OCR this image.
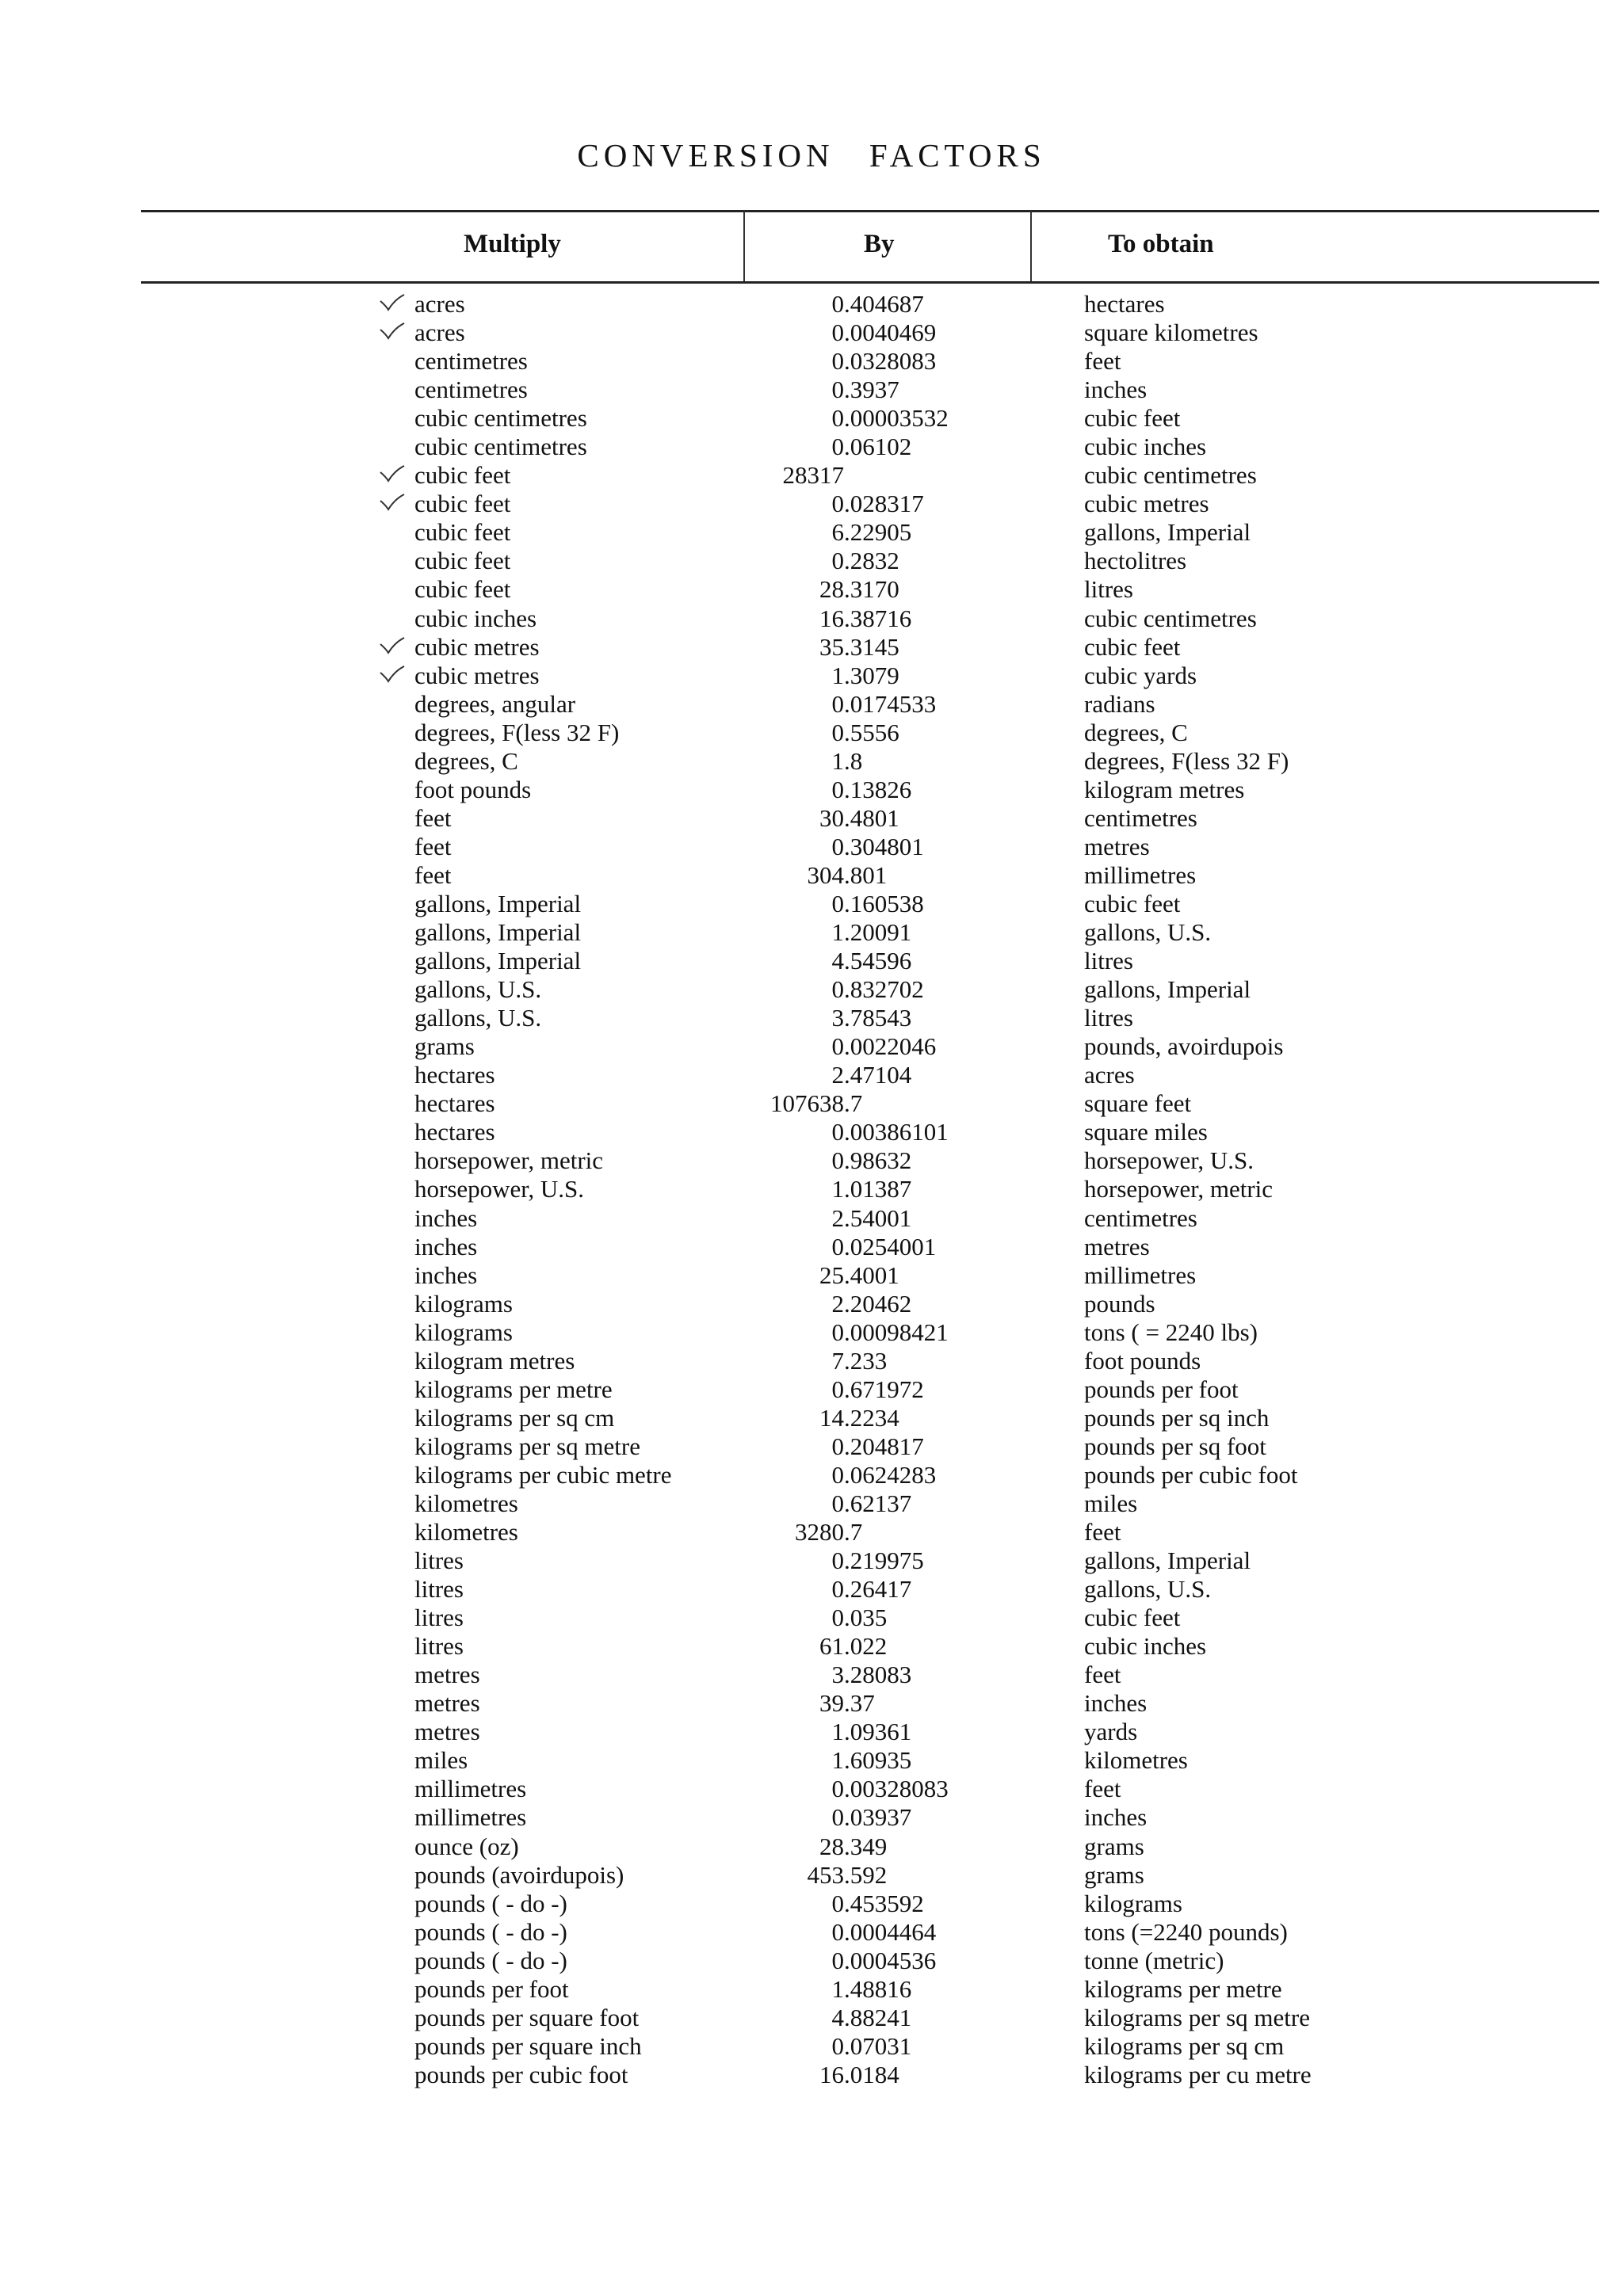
CONVERSION FACTORS
Multiply	By	To obtain
acres	0 .404687	hectares
acres	0 .0040469	square kilometres
centimetres	0 .0328083	feet
centimetres	0 .3937	inches
cubic centimetres	0 .00003532	cubic feet
cubic centimetres	0 .06102	cubic inches
cubic feet	28317	cubic centimetres
cubic feet	0 .028317	cubic metres
cubic feet	6 .22905	gallons, Imperial
cubic feet	0 .2832	hectolitres
cubic feet	28 .3170	litres
cubic inches	16 .38716	cubic centimetres
cubic metres	35 .3145	cubic feet
cubic metres	1 .3079	cubic yards
degrees, angular	0 .0174533	radians
degrees, F(less 32 F)	0 .5556	degrees, C
degrees, C	1 .8	degrees, F(less 32 F)
foot pounds	0 .13826	kilogram metres
feet	30 .4801	centimetres
feet	0 .304801	metres
feet	304 .801	millimetres
gallons, Imperial	0 .160538	cubic feet
gallons, Imperial	1 .20091	gallons, U.S.
gallons, Imperial	4 .54596	litres
gallons, U.S.	0 .832702	gallons, Imperial
gallons, U.S.	3 .78543	litres
grams	0 .0022046	pounds, avoirdupois
hectares	2 .47104	acres
hectares	107638 .7	square feet
hectares	0 .00386101	square miles
horsepower, metric	0 .98632	horsepower, U.S.
horsepower, U.S.	1 .01387	horsepower, metric
inches	2 .54001	centimetres
inches	0 .0254001	metres
inches	25 .4001	millimetres
kilograms	2 .20462	pounds
kilograms	0 .00098421	tons ( = 2240 lbs)
kilogram metres	7 .233	foot pounds
kilograms per metre	0 .671972	pounds per foot
kilograms per sq cm	14 .2234	pounds per sq inch
kilograms per sq metre	0 .204817	pounds per sq foot
kilograms per cubic metre	0 .0624283	pounds per cubic foot
kilometres	0 .62137	miles
kilometres	3280 .7	feet
litres	0 .219975	gallons, Imperial
litres	0 .26417	gallons, U.S.
litres	0 .035	cubic feet
litres	61 .022	cubic inches
metres	3 .28083	feet
metres	39 .37	inches
metres	1 .09361	yards
miles	1 .60935	kilometres
millimetres	0 .00328083	feet
millimetres	0 .03937	inches
ounce (oz)	28 .349	grams
pounds (avoirdupois)	453 .592	grams
pounds ( - do -)	0 .453592	kilograms
pounds ( - do -)	0 .0004464	tons (=2240 pounds)
pounds ( - do -)	0 .0004536	tonne (metric)
pounds per foot	1 .48816	kilograms per metre
pounds per square foot	4 .88241	kilograms per sq metre
pounds per square inch	0 .07031	kilograms per sq cm
pounds per cubic foot	16 .0184	kilograms per cu metre
